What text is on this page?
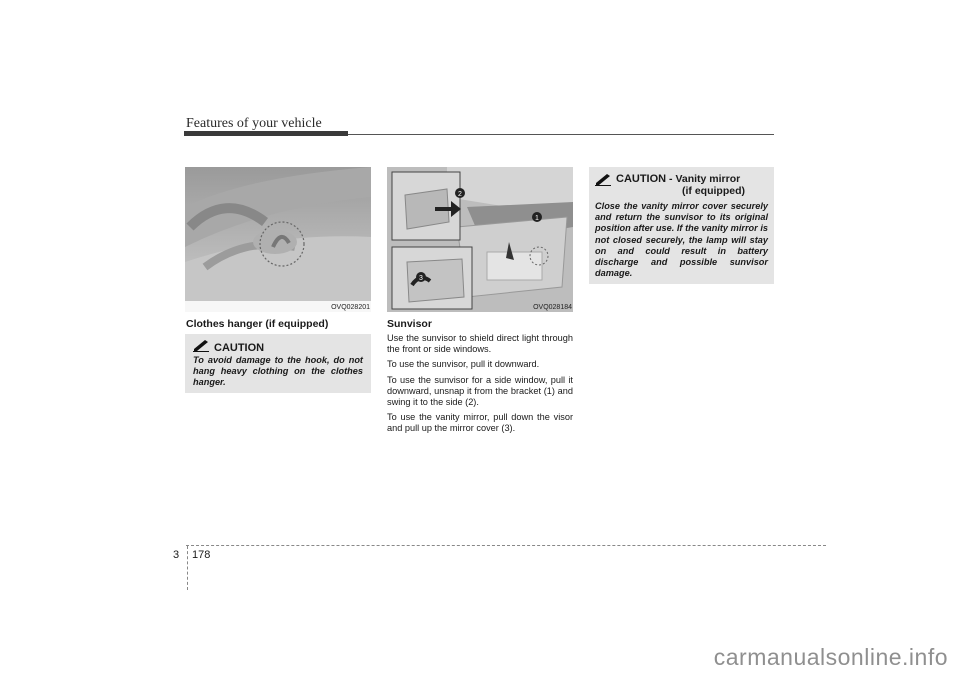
Features of your vehicle
OVQ028201
Clothes hanger (if equipped)
CAUTION
To avoid damage to the hook, do not hang heavy clothing on the clothes hanger.
2
1
3
OVQ028184
Sunvisor

Use the sunvisor to shield direct light through the front or side windows.

To use the sunvisor, pull it downward.

To use the sunvisor for a side window, pull it downward, unsnap it from the bracket (1) and swing it to the side (2).

To use the vanity mirror, pull down the visor and pull up the mirror cover (3).

CAUTION - Vanity mirror
(if equipped)
Close the vanity mirror cover securely and return the sunvisor to its original position after use. If the vanity mirror is not closed securely, the lamp will stay on and could result in battery discharge and possible sunvisor damage.
3 178
carmanualsonline.info
